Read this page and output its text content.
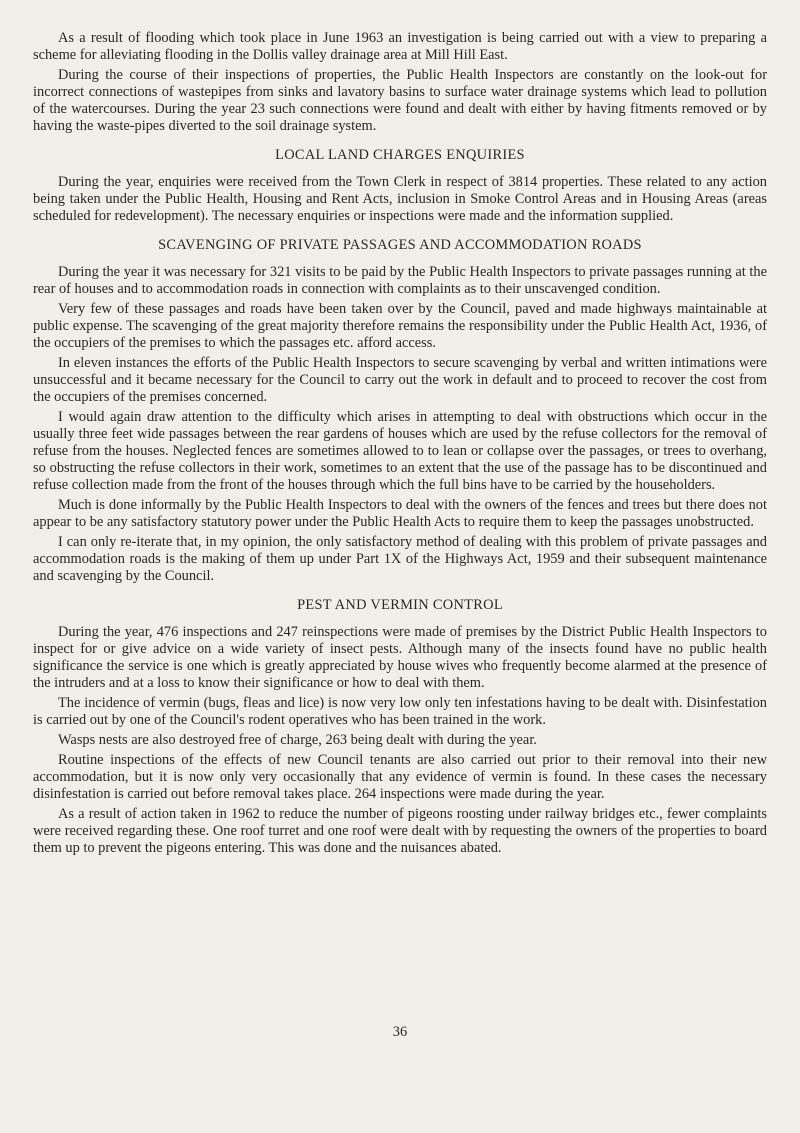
As a result of flooding which took place in June 1963 an investigation is being carried out with a view to preparing a scheme for alleviating flooding in the Dollis valley drainage area at Mill Hill East.

During the course of their inspections of properties, the Public Health Inspectors are constantly on the look-out for incorrect connections of wastepipes from sinks and lavatory basins to surface water drainage systems which lead to pollution of the watercourses. During the year 23 such connections were found and dealt with either by having fitments removed or by having the waste-pipes diverted to the soil drainage system.

LOCAL LAND CHARGES ENQUIRIES

During the year, enquiries were received from the Town Clerk in respect of 3814 properties. These related to any action being taken under the Public Health, Housing and Rent Acts, inclusion in Smoke Control Areas and in Housing Areas (areas scheduled for redevelopment). The necessary enquiries or inspections were made and the information supplied.

SCAVENGING OF PRIVATE PASSAGES AND ACCOMMODATION ROADS

During the year it was necessary for 321 visits to be paid by the Public Health Inspectors to private passages running at the rear of houses and to accommodation roads in connection with complaints as to their unscavenged condition.

Very few of these passages and roads have been taken over by the Council, paved and made highways maintainable at public expense. The scavenging of the great majority therefore remains the responsibility under the Public Health Act, 1936, of the occupiers of the premises to which the passages etc. afford access.

In eleven instances the efforts of the Public Health Inspectors to secure scavenging by verbal and written intimations were unsuccessful and it became necessary for the Council to carry out the work in default and to proceed to recover the cost from the occupiers of the premises concerned.

I would again draw attention to the difficulty which arises in attempting to deal with obstructions which occur in the usually three feet wide passages between the rear gardens of houses which are used by the refuse collectors for the removal of refuse from the houses. Neglected fences are sometimes allowed to to lean or collapse over the passages, or trees to overhang, so obstructing the refuse collectors in their work, sometimes to an extent that the use of the passage has to be discontinued and refuse collection made from the front of the houses through which the full bins have to be carried by the householders.

Much is done informally by the Public Health Inspectors to deal with the owners of the fences and trees but there does not appear to be any satisfactory statutory power under the Public Health Acts to require them to keep the passages unobstructed.

I can only re-iterate that, in my opinion, the only satisfactory method of dealing with this problem of private passages and accommodation roads is the making of them up under Part 1X of the Highways Act, 1959 and their subsequent maintenance and scavenging by the Council.

PEST AND VERMIN CONTROL

During the year, 476 inspections and 247 reinspections were made of premises by the District Public Health Inspectors to inspect for or give advice on a wide variety of insect pests. Although many of the insects found have no public health significance the service is one which is greatly appreciated by house wives who frequently become alarmed at the presence of the intruders and at a loss to know their significance or how to deal with them.

The incidence of vermin (bugs, fleas and lice) is now very low only ten infestations having to be dealt with. Disinfestation is carried out by one of the Council's rodent operatives who has been trained in the work.

Wasps nests are also destroyed free of charge, 263 being dealt with during the year.

Routine inspections of the effects of new Council tenants are also carried out prior to their removal into their new accommodation, but it is now only very occasionally that any evidence of vermin is found. In these cases the necessary disinfestation is carried out before removal takes place. 264 inspections were made during the year.

As a result of action taken in 1962 to reduce the number of pigeons roosting under railway bridges etc., fewer complaints were received regarding these. One roof turret and one roof were dealt with by requesting the owners of the properties to board them up to prevent the pigeons entering. This was done and the nuisances abated.

36
